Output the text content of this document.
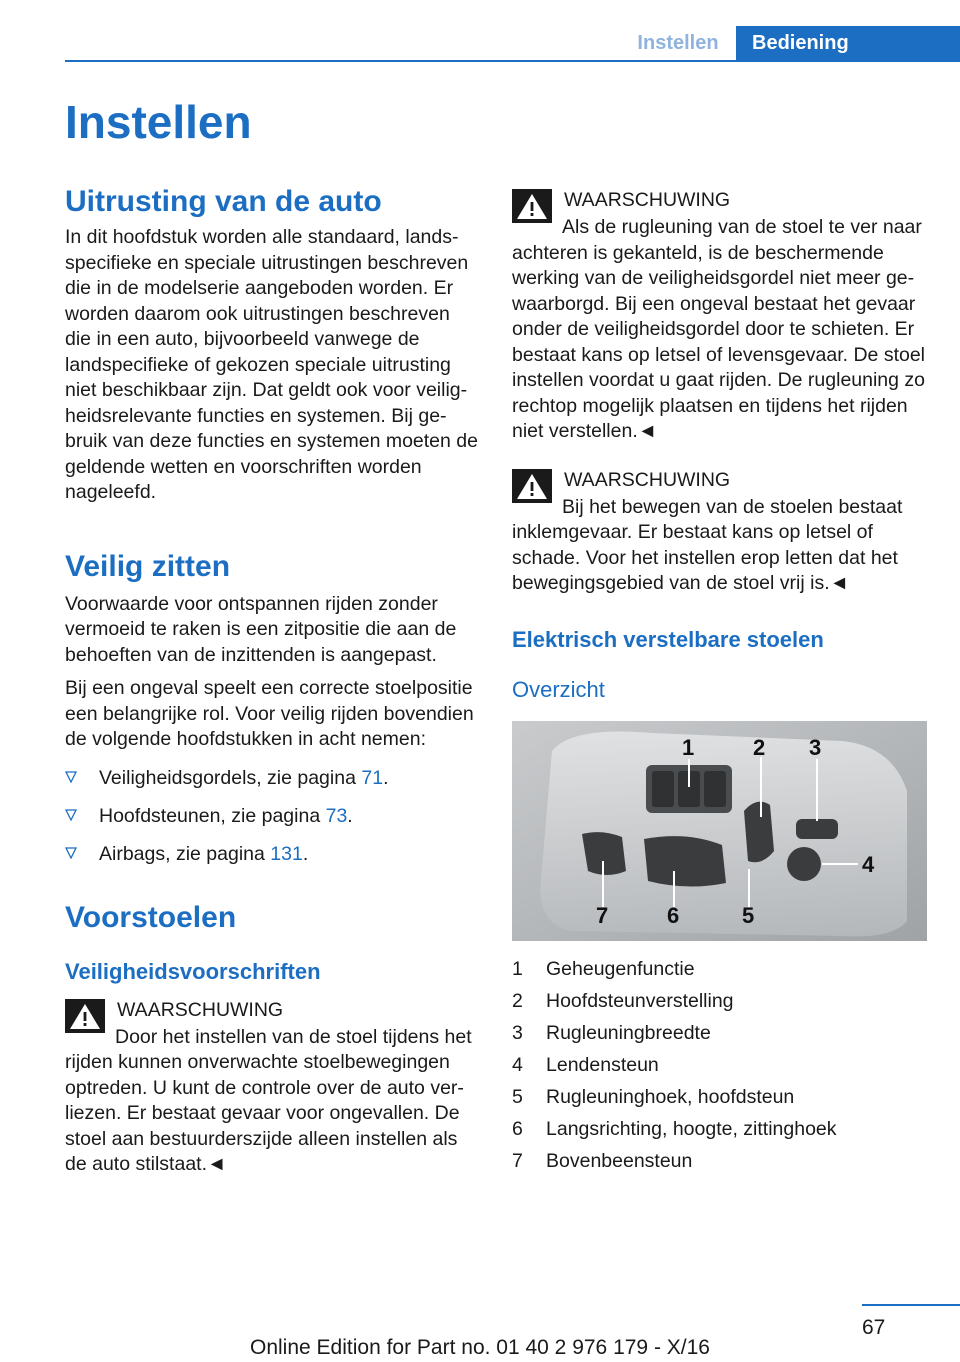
Instellen	Bediening
Instellen
Uitrusting van de auto

In dit hoofdstuk worden alle standaard, landsspecifieke en speciale uitrustingen beschreven die in de modelserie aangeboden worden. Er worden daarom ook uitrustingen beschreven die in een auto, bijvoorbeeld vanwege de landspecifieke of gekozen speciale uitrusting niet beschikbaar zijn. Dat geldt ook voor veiligheidsrelevante functies en systemen. Bij gebruik van deze functies en systemen moeten de geldende wetten en voorschriften worden nageleefd.

Veilig zitten

Voorwaarde voor ontspannen rijden zonder vermoeid te raken is een zitpositie die aan de behoeften van de inzittenden is aangepast.

Bij een ongeval speelt een correcte stoelpositie een belangrijke rol. Voor veilig rijden bovendien de volgende hoofdstukken in acht nemen:

Veiligheidsgordels, zie pagina 71.
Hoofdsteunen, zie pagina 73.
Airbags, zie pagina 131.
Voorstoelen
Veiligheidsvoorschriften
WAARSCHUWING

Door het instellen van de stoel tijdens het rijden kunnen onverwachte stoelbewegingen optreden. U kunt de controle over de auto verliezen. Er bestaat gevaar voor ongevallen. De stoel aan bestuurderszijde alleen instellen als de auto stilstaat.◄

WAARSCHUWING

Als de rugleuning van de stoel te ver naar achteren is gekanteld, is de beschermende werking van de veiligheidsgordel niet meer gewaarborgd. Bij een ongeval bestaat het gevaar onder de veiligheidsgordel door te schieten. Er bestaat kans op letsel of levensgevaar. De stoel instellen voordat u gaat rijden. De rugleuning zo rechtop mogelijk plaatsen en tijdens het rijden niet verstellen.◄

WAARSCHUWING

Bij het bewegen van de stoelen bestaat inklemgevaar. Er bestaat kans op letsel of schade. Voor het instellen erop letten dat het bewegingsgebied van de stoel vrij is.◄

Elektrisch verstelbare stoelen
Overzicht
1	2 3
4
5
6
7
1	Geheugenfunctie
2	Hoofdsteunverstelling
3	Rugleuningbreedte
4	Lendensteun
5	Rugleuninghoek, hoofdsteun
6	Langsrichting, hoogte, zittinghoek
7	Bovenbeensteun
67
Online Edition for Part no. 01 40 2 976 179 - X/16
